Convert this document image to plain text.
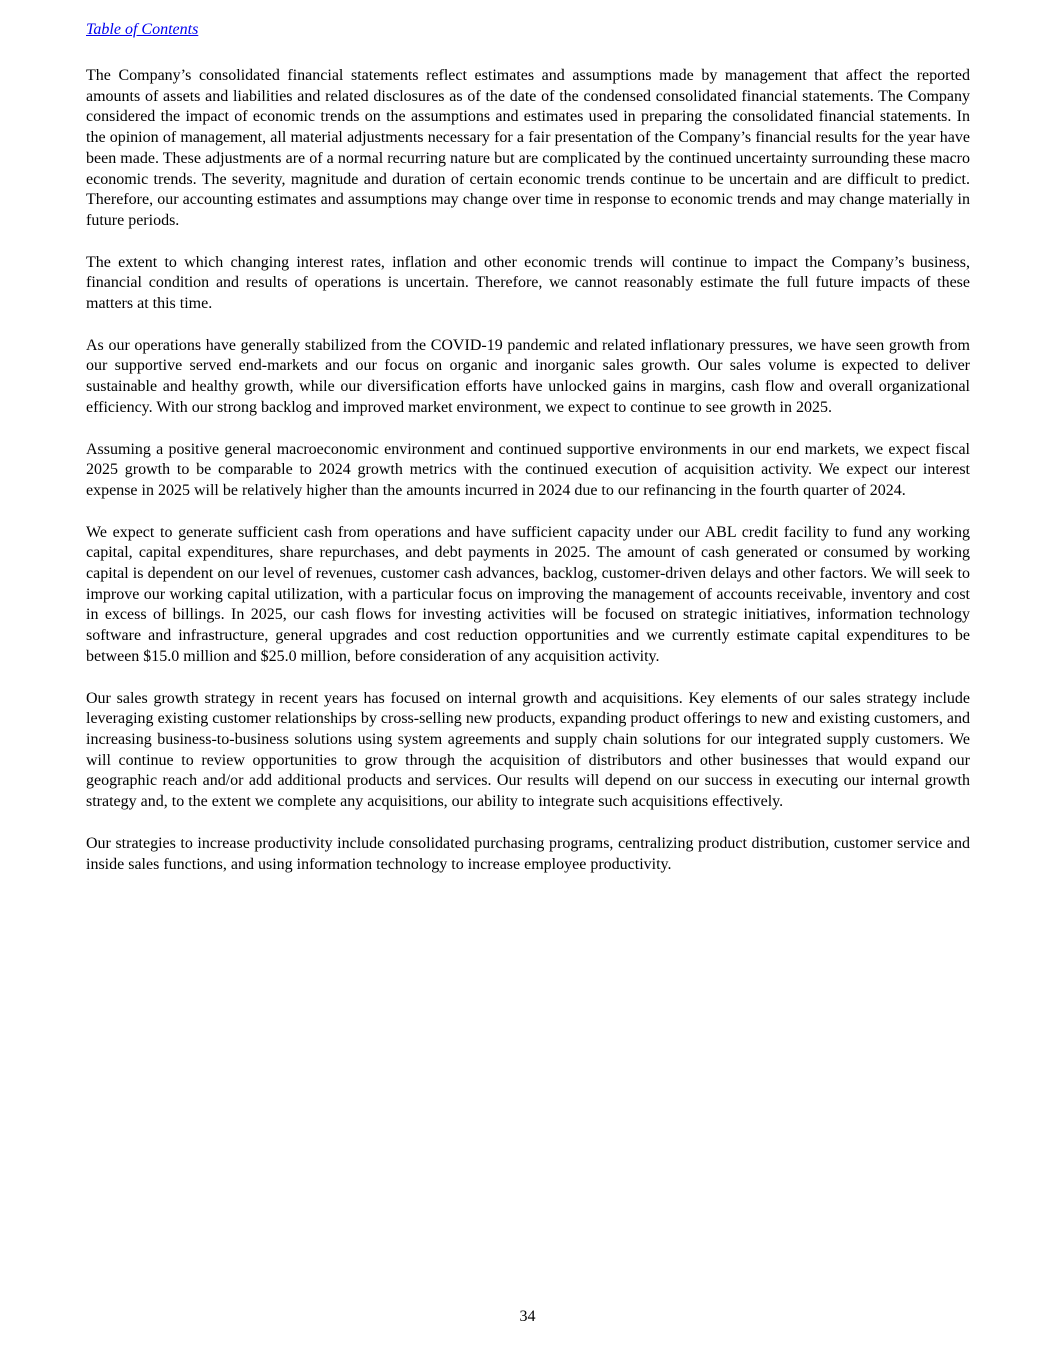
Table of Contents

The Company’s consolidated financial statements reflect estimates and assumptions made by management that affect the reported amounts of assets and liabilities and related disclosures as of the date of the condensed consolidated financial statements. The Company considered the impact of economic trends on the assumptions and estimates used in preparing the consolidated financial statements. In the opinion of management, all material adjustments necessary for a fair presentation of the Company’s financial results for the year have been made. These adjustments are of a normal recurring nature but are complicated by the continued uncertainty surrounding these macro economic trends. The severity, magnitude and duration of certain economic trends continue to be uncertain and are difficult to predict. Therefore, our accounting estimates and assumptions may change over time in response to economic trends and may change materially in future periods.

The extent to which changing interest rates, inflation and other economic trends will continue to impact the Company’s business, financial condition and results of operations is uncertain. Therefore, we cannot reasonably estimate the full future impacts of these matters at this time.

As our operations have generally stabilized from the COVID-19 pandemic and related inflationary pressures, we have seen growth from our supportive served end-markets and our focus on organic and inorganic sales growth. Our sales volume is expected to deliver sustainable and healthy growth, while our diversification efforts have unlocked gains in margins, cash flow and overall organizational efficiency. With our strong backlog and improved market environment, we expect to continue to see growth in 2025.

Assuming a positive general macroeconomic environment and continued supportive environments in our end markets, we expect fiscal 2025 growth to be comparable to 2024 growth metrics with the continued execution of acquisition activity. We expect our interest expense in 2025 will be relatively higher than the amounts incurred in 2024 due to our refinancing in the fourth quarter of 2024.

We expect to generate sufficient cash from operations and have sufficient capacity under our ABL credit facility to fund any working capital, capital expenditures, share repurchases, and debt payments in 2025. The amount of cash generated or consumed by working capital is dependent on our level of revenues, customer cash advances, backlog, customer-driven delays and other factors. We will seek to improve our working capital utilization, with a particular focus on improving the management of accounts receivable, inventory and cost in excess of billings. In 2025, our cash flows for investing activities will be focused on strategic initiatives, information technology software and infrastructure, general upgrades and cost reduction opportunities and we currently estimate capital expenditures to be between $15.0 million and $25.0 million, before consideration of any acquisition activity.

Our sales growth strategy in recent years has focused on internal growth and acquisitions. Key elements of our sales strategy include leveraging existing customer relationships by cross-selling new products, expanding product offerings to new and existing customers, and increasing business-to-business solutions using system agreements and supply chain solutions for our integrated supply customers. We will continue to review opportunities to grow through the acquisition of distributors and other businesses that would expand our geographic reach and/or add additional products and services. Our results will depend on our success in executing our internal growth strategy and, to the extent we complete any acquisitions, our ability to integrate such acquisitions effectively.

Our strategies to increase productivity include consolidated purchasing programs, centralizing product distribution, customer service and inside sales functions, and using information technology to increase employee productivity.

34
